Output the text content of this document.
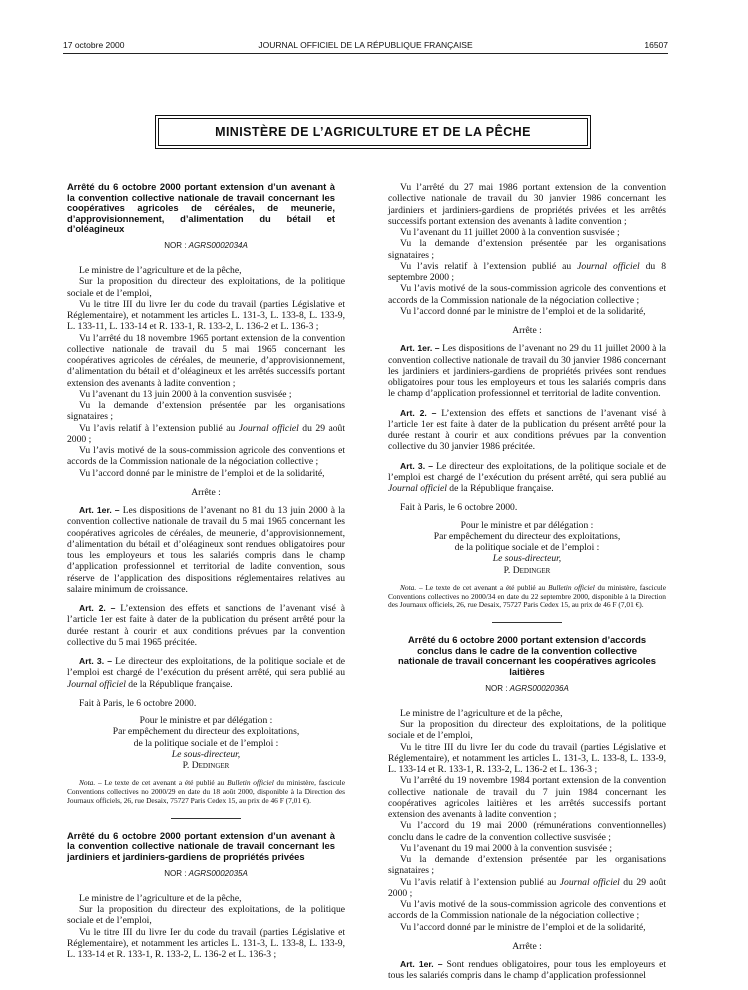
17 octobre 2000	JOURNAL OFFICIEL DE LA RÉPUBLIQUE FRANÇAISE	16507
MINISTÈRE DE L’AGRICULTURE ET DE LA PÊCHE
Arrêté du 6 octobre 2000 portant extension d’un avenant à la convention collective nationale de travail concernant les coopératives agricoles de céréales, de meunerie, d’approvisionnement, d’alimentation du bétail et d’oléagineux
NOR : AGRS0002034A

Le ministre de l’agriculture et de la pêche,

Sur la proposition du directeur des exploitations, de la politique sociale et de l’emploi,

Vu le titre III du livre Ier du code du travail (parties Législative et Réglementaire), et notamment les articles L. 131-3, L. 133-8, L. 133-9, L. 133-11, L. 133-14 et R. 133-1, R. 133-2, L. 136-2 et L. 136-3 ;

Vu l’arrêté du 18 novembre 1965 portant extension de la convention collective nationale de travail du 5 mai 1965 concernant les coopératives agricoles de céréales, de meunerie, d’approvisionnement, d’alimentation du bétail et d’oléagineux et les arrêtés successifs portant extension des avenants à ladite convention ;

Vu l’avenant du 13 juin 2000 à la convention susvisée ;

Vu la demande d’extension présentée par les organisations signataires ;

Vu l’avis relatif à l’extension publié au Journal officiel du 29 août 2000 ;

Vu l’avis motivé de la sous-commission agricole des conventions et accords de la Commission nationale de la négociation collective ;

Vu l’accord donné par le ministre de l’emploi et de la solidarité,

Arrête :

Art. 1er. – Les dispositions de l’avenant no 81 du 13 juin 2000 à la convention collective nationale de travail du 5 mai 1965 concernant les coopératives agricoles de céréales, de meunerie, d’approvisionnement, d’alimentation du bétail et d’oléagineux sont rendues obligatoires pour tous les employeurs et tous les salariés compris dans le champ d’application professionnel et territorial de ladite convention, sous réserve de l’application des dispositions réglementaires relatives au salaire minimum de croissance.

Art. 2. – L’extension des effets et sanctions de l’avenant visé à l’article 1er est faite à dater de la publication du présent arrêté pour la durée restant à courir et aux conditions prévues par la convention collective du 5 mai 1965 précitée.

Art. 3. – Le directeur des exploitations, de la politique sociale et de l’emploi est chargé de l’exécution du présent arrêté, qui sera publié au Journal officiel de la République française.

Fait à Paris, le 6 octobre 2000.

Pour le ministre et par délégation :

Par empêchement du directeur des exploitations,

de la politique sociale et de l’emploi :

Le sous-directeur,

P. Dedinger

Nota. – Le texte de cet avenant a été publié au Bulletin officiel du ministère, fascicule Conventions collectives no 2000/29 en date du 18 août 2000, disponible à la Direction des Journaux officiels, 26, rue Desaix, 75727 Paris Cedex 15, au prix de 46 F (7,01 €).
Arrêté du 6 octobre 2000 portant extension d’un avenant à la convention collective nationale de travail concernant les jardiniers et jardiniers-gardiens de propriétés privées
NOR : AGRS0002035A

Le ministre de l’agriculture et de la pêche,

Sur la proposition du directeur des exploitations, de la politique sociale et de l’emploi,

Vu le titre III du livre Ier du code du travail (parties Législative et Réglementaire), et notamment les articles L. 131-3, L. 133-8, L. 133-9, L. 133-14 et R. 133-1, R. 133-2, L. 136-2 et L. 136-3 ;

Vu l’arrêté du 27 mai 1986 portant extension de la convention collective nationale de travail du 30 janvier 1986 concernant les jardiniers et jardiniers-gardiens de propriétés privées et les arrêtés successifs portant extension des avenants à ladite convention ;

Vu l’avenant du 11 juillet 2000 à la convention susvisée ;

Vu la demande d’extension présentée par les organisations signataires ;

Vu l’avis relatif à l’extension publié au Journal officiel du 8 septembre 2000 ;

Vu l’avis motivé de la sous-commission agricole des conventions et accords de la Commission nationale de la négociation collective ;

Vu l’accord donné par le ministre de l’emploi et de la solidarité,

Arrête :

Art. 1er. – Les dispositions de l’avenant no 29 du 11 juillet 2000 à la convention collective nationale de travail du 30 janvier 1986 concernant les jardiniers et jardiniers-gardiens de propriétés privées sont rendues obligatoires pour tous les employeurs et tous les salariés compris dans le champ d’application professionnel et territorial de ladite convention.

Art. 2. – L’extension des effets et sanctions de l’avenant visé à l’article 1er est faite à dater de la publication du présent arrêté pour la durée restant à courir et aux conditions prévues par la convention collective du 30 janvier 1986 précitée.

Art. 3. – Le directeur des exploitations, de la politique sociale et de l’emploi est chargé de l’exécution du présent arrêté, qui sera publié au Journal officiel de la République française.

Fait à Paris, le 6 octobre 2000.

Pour le ministre et par délégation :

Par empêchement du directeur des exploitations,

de la politique sociale et de l’emploi :

Le sous-directeur,

P. Dedinger

Nota. – Le texte de cet avenant a été publié au Bulletin officiel du ministère, fascicule Conventions collectives no 2000/34 en date du 22 septembre 2000, disponible à la Direction des Journaux officiels, 26, rue Desaix, 75727 Paris Cedex 15, au prix de 46 F (7,01 €).
Arrêté du 6 octobre 2000 portant extension d’accords conclus dans le cadre de la convention collective nationale de travail concernant les coopératives agricoles laitières
NOR : AGRS0002036A

Le ministre de l’agriculture et de la pêche,

Sur la proposition du directeur des exploitations, de la politique sociale et de l’emploi,

Vu le titre III du livre Ier du code du travail (parties Législative et Réglementaire), et notamment les articles L. 131-3, L. 133-8, L. 133-9, L. 133-14 et R. 133-1, R. 133-2, L. 136-2 et L. 136-3 ;

Vu l’arrêté du 19 novembre 1984 portant extension de la convention collective nationale de travail du 7 juin 1984 concernant les coopératives agricoles laitières et les arrêtés successifs portant extension des avenants à ladite convention ;

Vu l’accord du 19 mai 2000 (rémunérations conventionnelles) conclu dans le cadre de la convention collective susvisée ;

Vu l’avenant du 19 mai 2000 à la convention susvisée ;

Vu la demande d’extension présentée par les organisations signataires ;

Vu l’avis relatif à l’extension publié au Journal officiel du 29 août 2000 ;

Vu l’avis motivé de la sous-commission agricole des conventions et accords de la Commission nationale de la négociation collective ;

Vu l’accord donné par le ministre de l’emploi et de la solidarité,

Arrête :

Art. 1er. – Sont rendues obligatoires, pour tous les employeurs et tous les salariés compris dans le champ d’application professionnel
